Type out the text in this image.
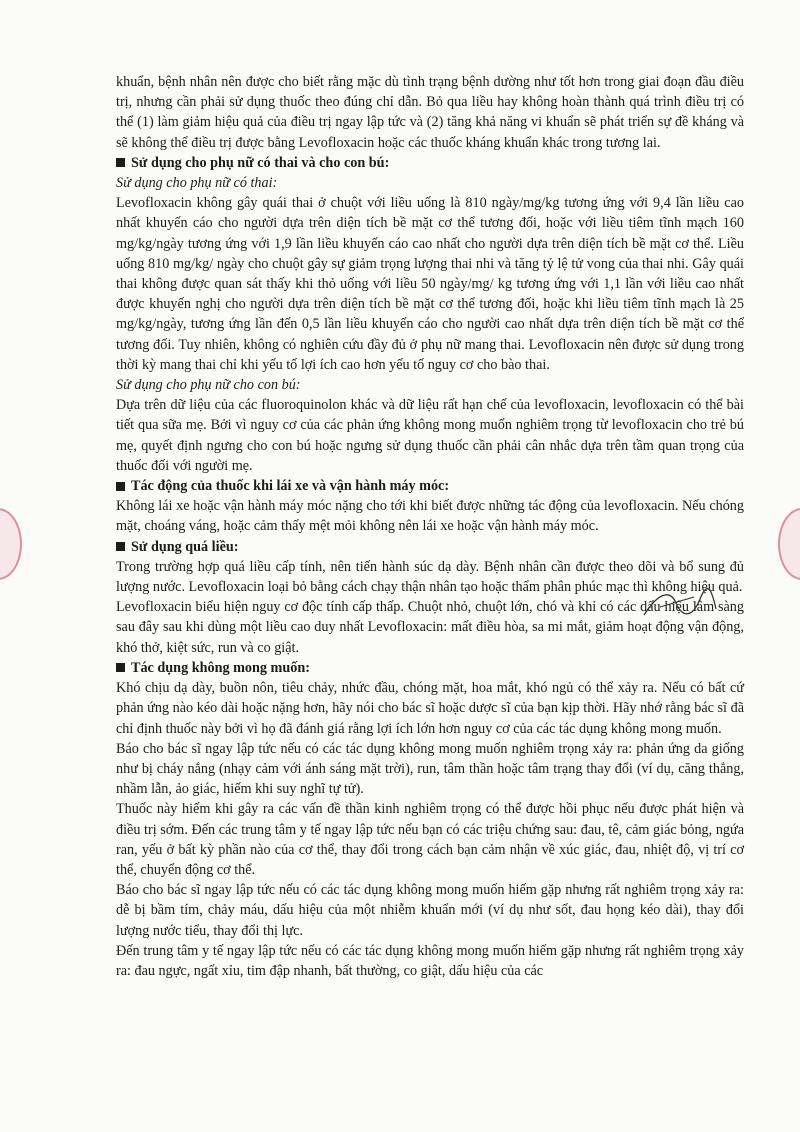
khuẩn, bệnh nhân nên được cho biết rằng mặc dù tình trạng bệnh dường như tốt hơn trong giai đoạn đầu điều trị, nhưng cần phải sử dụng thuốc theo đúng chỉ dẫn. Bỏ qua liều hay không hoàn thành quá trình điều trị có thể (1) làm giảm hiệu quả của điều trị ngay lập tức và (2) tăng khả năng vi khuẩn sẽ phát triển sự đề kháng và sẽ không thể điều trị được bằng Levofloxacin hoặc các thuốc kháng khuẩn khác trong tương lai.

Sử dụng cho phụ nữ có thai và cho con bú:

Sử dụng cho phụ nữ có thai:

Levofloxacin không gây quái thai ở chuột với liều uống là 810 ngày/mg/kg tương ứng với 9,4 lần liều cao nhất khuyến cáo cho người dựa trên diện tích bề mặt cơ thể tương đối, hoặc với liều tiêm tĩnh mạch 160 mg/kg/ngày tương ứng với 1,9 lần liều khuyến cáo cao nhất cho người dựa trên diện tích bề mặt cơ thể. Liều uống 810 mg/kg/ ngày cho chuột gây sự giảm trọng lượng thai nhi và tăng tỷ lệ tử vong của thai nhi. Gây quái thai không được quan sát thấy khi thỏ uống với liều 50 ngày/mg/ kg tương ứng với 1,1 lần với liều cao nhất được khuyến nghị cho người dựa trên diện tích bề mặt cơ thể tương đối, hoặc khi liều tiêm tĩnh mạch là 25 mg/kg/ngày, tương ứng lần đến 0,5 lần liều khuyến cáo cho người cao nhất dựa trên diện tích bề mặt cơ thể tương đối. Tuy nhiên, không có nghiên cứu đầy đủ ở phụ nữ mang thai. Levofloxacin nên được sử dụng trong thời kỳ mang thai chỉ khi yếu tố lợi ích cao hơn yếu tố nguy cơ cho bào thai.

Sử dụng cho phụ nữ cho con bú:

Dựa trên dữ liệu của các fluoroquinolon khác và dữ liệu rất hạn chế của levofloxacin, levofloxacin có thể bài tiết qua sữa mẹ. Bởi vì nguy cơ của các phản ứng không mong muốn nghiêm trọng từ levofloxacin cho trẻ bú mẹ, quyết định ngưng cho con bú hoặc ngưng sử dụng thuốc cần phải cân nhắc dựa trên tầm quan trọng của thuốc đối với người mẹ.

Tác động của thuốc khi lái xe và vận hành máy móc:

Không lái xe hoặc vận hành máy móc nặng cho tới khi biết được những tác động của levofloxacin. Nếu chóng mặt, choáng váng, hoặc cảm thấy mệt mỏi không nên lái xe hoặc vận hành máy móc.

Sử dụng quá liều:

Trong trường hợp quá liều cấp tính, nên tiến hành súc dạ dày. Bệnh nhân cần được theo dõi và bổ sung đủ lượng nước. Levofloxacin loại bỏ bằng cách chạy thận nhân tạo hoặc thẩm phân phúc mạc thì không hiệu quả.

Levofloxacin biểu hiện nguy cơ độc tính cấp thấp. Chuột nhỏ, chuột lớn, chó và khỉ có các dấu hiệu lâm sàng sau đây sau khi dùng một liều cao duy nhất Levofloxacin: mất điều hòa, sa mi mắt, giảm hoạt động vận động, khó thở, kiệt sức, run và co giật.

Tác dụng không mong muốn:

Khó chịu dạ dày, buồn nôn, tiêu chảy, nhức đầu, chóng mặt, hoa mắt, khó ngủ có thể xảy ra. Nếu có bất cứ phản ứng nào kéo dài hoặc nặng hơn, hãy nói cho bác sĩ hoặc dược sĩ của bạn kịp thời. Hãy nhớ rằng bác sĩ đã chỉ định thuốc này bởi vì họ đã đánh giá rằng lợi ích lớn hơn nguy cơ của các tác dụng không mong muốn.

Báo cho bác sĩ ngay lập tức nếu có các tác dụng không mong muốn nghiêm trọng xảy ra: phản ứng da giống như bị cháy nắng (nhạy cảm với ánh sáng mặt trời), run, tâm thần hoặc tâm trạng thay đổi (ví dụ, căng thẳng, nhầm lẫn, ảo giác, hiếm khi suy nghĩ tự tử).

Thuốc này hiếm khi gây ra các vấn đề thần kinh nghiêm trọng có thể được hồi phục nếu được phát hiện và điều trị sớm. Đến các trung tâm y tế ngay lập tức nếu bạn có các triệu chứng sau: đau, tê, cảm giác bỏng, ngứa ran, yếu ở bất kỳ phần nào của cơ thể, thay đổi trong cách bạn cảm nhận về xúc giác, đau, nhiệt độ, vị trí cơ thể, chuyển động cơ thể.

Báo cho bác sĩ ngay lập tức nếu có các tác dụng không mong muốn hiếm gặp nhưng rất nghiêm trọng xảy ra: dễ bị bầm tím, chảy máu, dấu hiệu của một nhiễm khuẩn mới (ví dụ như sốt, đau họng kéo dài), thay đổi lượng nước tiểu, thay đổi thị lực.

Đến trung tâm y tế ngay lập tức nếu có các tác dụng không mong muốn hiếm gặp nhưng rất nghiêm trọng xảy ra: đau ngực, ngất xỉu, tim đập nhanh, bất thường, co giật, dấu hiệu của các
